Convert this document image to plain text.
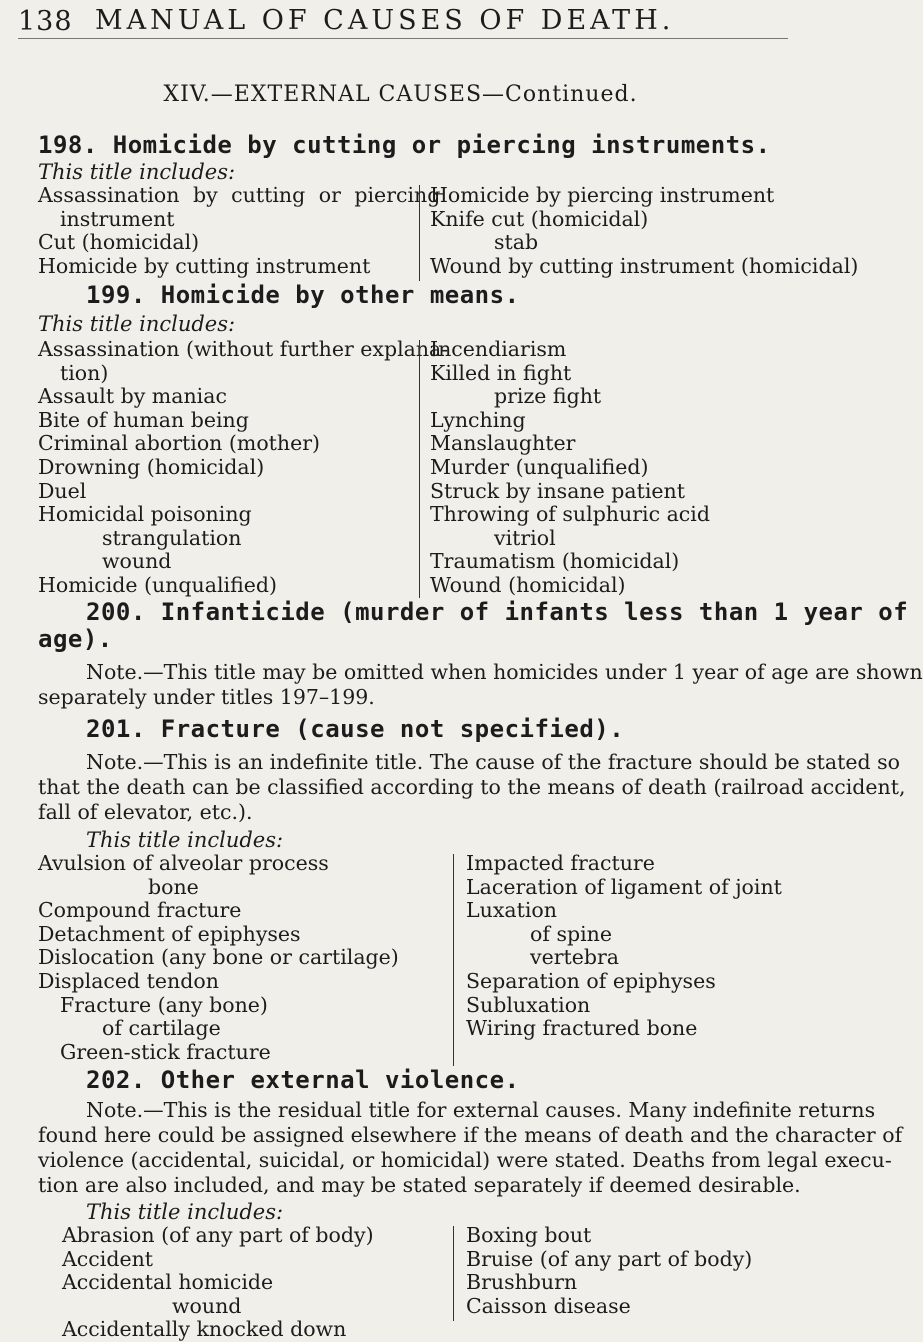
138 MANUAL OF CAUSES OF DEATH.
XIV.—EXTERNAL CAUSES—Continued.
198. Homicide by cutting or piercing instruments.
This title includes:
Assassination by cutting or piercing
instrument
Cut (homicidal)
Homicide by cutting instrument
Homicide by piercing instrument
Knife cut (homicidal)
stab
Wound by cutting instrument (homicidal)
199. Homicide by other means.
This title includes:
Assassination (without further explana-
tion)
Assault by maniac
Bite of human being
Criminal abortion (mother)
Drowning (homicidal)
Duel
Homicidal poisoning
strangulation
wound
Homicide (unqualified)
Incendiarism
Killed in fight
prize fight
Lynching
Manslaughter
Murder (unqualified)
Struck by insane patient
Throwing of sulphuric acid
vitriol
Traumatism (homicidal)
Wound (homicidal)
200. Infanticide (murder of infants less than 1 year of
age).
Note.—This title may be omitted when homicides under 1 year of age are shown
separately under titles 197–199.
201. Fracture (cause not specified).
Note.—This is an indefinite title. The cause of the fracture should be stated so
that the death can be classified according to the means of death (railroad accident,
fall of elevator, etc.).
This title includes:
Avulsion of alveolar process
bone
Compound fracture
Detachment of epiphyses
Dislocation (any bone or cartilage)
Displaced tendon
Fracture (any bone)
of cartilage
Green-stick fracture
Impacted fracture
Laceration of ligament of joint
Luxation
of spine
vertebra
Separation of epiphyses
Subluxation
Wiring fractured bone
202. Other external violence.
Note.—This is the residual title for external causes. Many indefinite returns
found here could be assigned elsewhere if the means of death and the character of
violence (accidental, suicidal, or homicidal) were stated. Deaths from legal execu-
tion are also included, and may be stated separately if deemed desirable.
This title includes:
Abrasion (of any part of body)
Accident
Accidental homicide
wound
Accidentally knocked down
Boxing bout
Bruise (of any part of body)
Brushburn
Caisson disease
